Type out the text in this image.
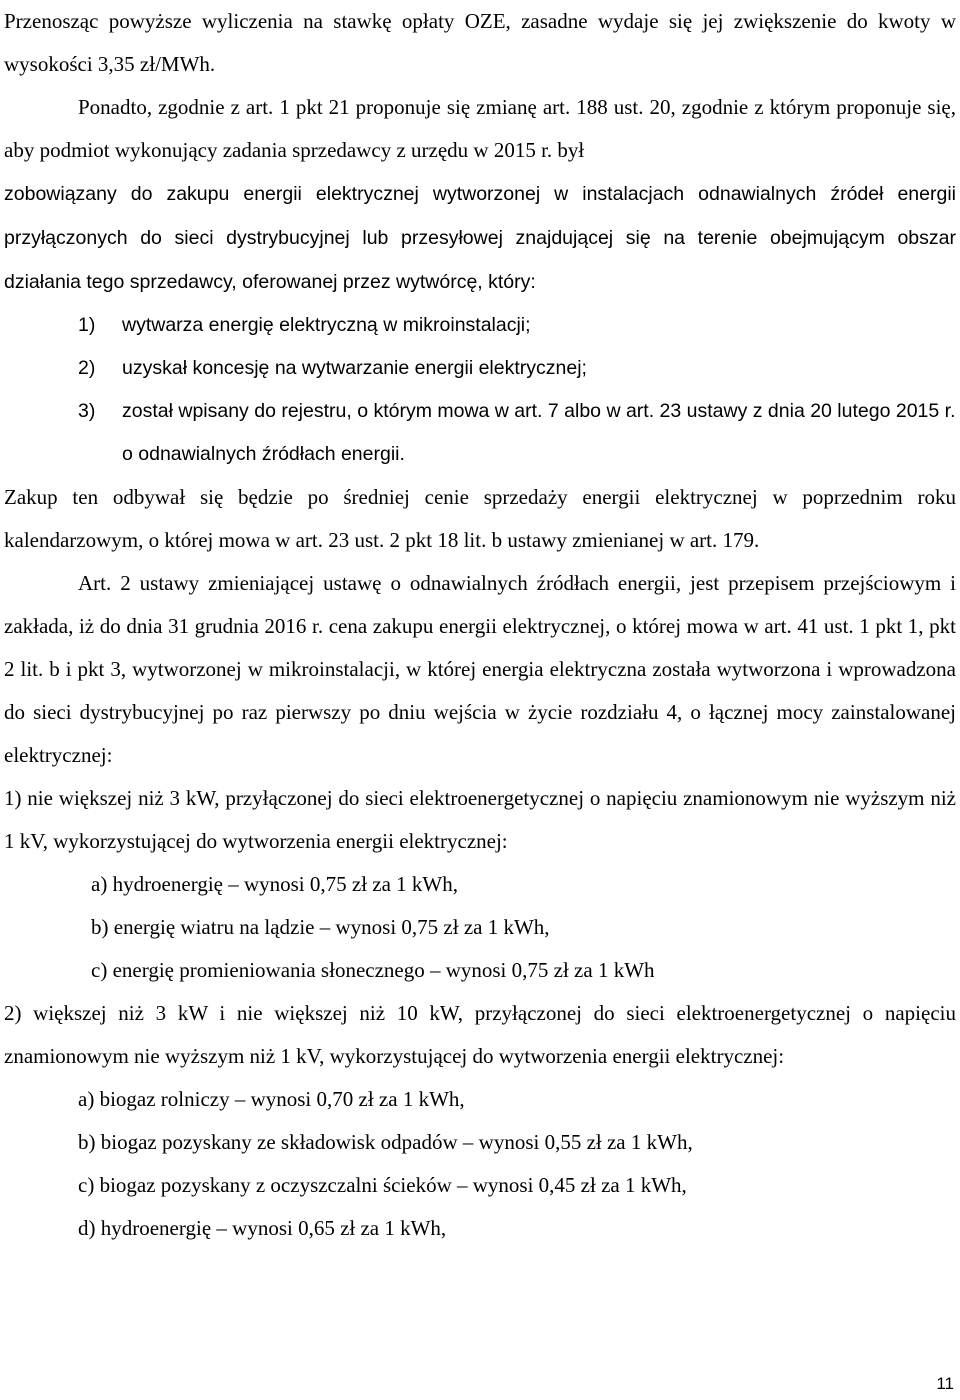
Przenosząc powyższe wyliczenia na stawkę opłaty OZE, zasadne wydaje się jej zwiększenie do kwoty w wysokości 3,35 zł/MWh.

Ponadto, zgodnie z art. 1 pkt 21 proponuje się zmianę art. 188 ust. 20, zgodnie z którym proponuje się, aby podmiot wykonujący zadania sprzedawcy z urzędu w 2015 r. był

zobowiązany do zakupu energii elektrycznej wytworzonej w instalacjach odnawialnych źródeł energii przyłączonych do sieci dystrybucyjnej lub przesyłowej znajdującej się na terenie obejmującym obszar działania tego sprzedawcy, oferowanej przez wytwórcę, który:

1)	wytwarza energię elektryczną w mikroinstalacji;
2)	uzyskał koncesję na wytwarzanie energii elektrycznej;
3)	został wpisany do rejestru, o którym mowa w art. 7 albo w art. 23 ustawy z dnia 20 lutego 2015 r. o odnawialnych źródłach energii.

Zakup ten odbywał się będzie po średniej cenie sprzedaży energii elektrycznej w poprzednim roku kalendarzowym, o której mowa w art. 23 ust. 2 pkt 18 lit. b ustawy zmienianej w art. 179.

Art. 2 ustawy zmieniającej ustawę o odnawialnych źródłach energii, jest przepisem przejściowym i zakłada, iż do dnia 31 grudnia 2016 r. cena zakupu energii elektrycznej, o której mowa w art. 41 ust. 1 pkt 1, pkt 2 lit. b i pkt 3, wytworzonej w mikroinstalacji, w której energia elektryczna została wytworzona i wprowadzona do sieci dystrybucyjnej po raz pierwszy po dniu wejścia w życie rozdziału 4, o łącznej mocy zainstalowanej elektrycznej:

1) nie większej niż 3 kW, przyłączonej do sieci elektroenergetycznej o napięciu znamionowym nie wyższym niż 1 kV, wykorzystującej do wytworzenia energii elektrycznej:

a) hydroenergię – wynosi 0,75 zł za 1 kWh,

b) energię wiatru na lądzie – wynosi 0,75 zł za 1 kWh,

c) energię promieniowania słonecznego – wynosi 0,75 zł za 1 kWh

2) większej niż 3 kW i nie większej niż 10 kW, przyłączonej do sieci elektroenergetycznej o napięciu znamionowym nie wyższym niż 1 kV, wykorzystującej do wytworzenia energii elektrycznej:

a) biogaz rolniczy – wynosi 0,70 zł za 1 kWh,

b) biogaz pozyskany ze składowisk odpadów – wynosi 0,55 zł za 1 kWh,

c) biogaz pozyskany z oczyszczalni ścieków – wynosi 0,45 zł za 1 kWh,

d) hydroenergię – wynosi 0,65 zł za 1 kWh,

11
